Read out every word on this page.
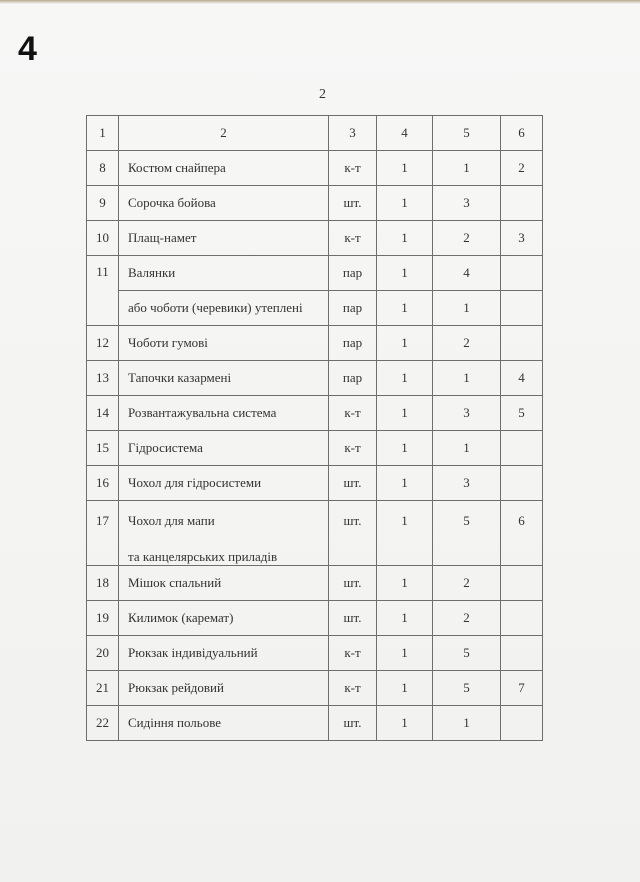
4
2
1	2	3	4	5	6
8	Костюм снайпера	к-т	1	1	2
9	Сорочка бойова	шт.	1	3	
10	Плащ-намет	к-т	1	2	3
11	Валянки	пар	1	4	
	або чоботи (черевики) утеплені	пар	1	1	
12	Чоботи гумові	пар	1	2	
13	Тапочки казармені	пар	1	1	4
14	Розвантажувальна система	к-т	1	3	5
15	Гідросистема	к-т	1	1	
16	Чохол для гідросистеми	шт.	1	3	
17	Чохол для мапи
та канцелярських приладів	шт.	1	5	6
18	Мішок спальний	шт.	1	2	
19	Килимок (каремат)	шт.	1	2	
20	Рюкзак індивідуальний	к-т	1	5	
21	Рюкзак рейдовий	к-т	1	5	7
22	Сидіння польове	шт.	1	1	
